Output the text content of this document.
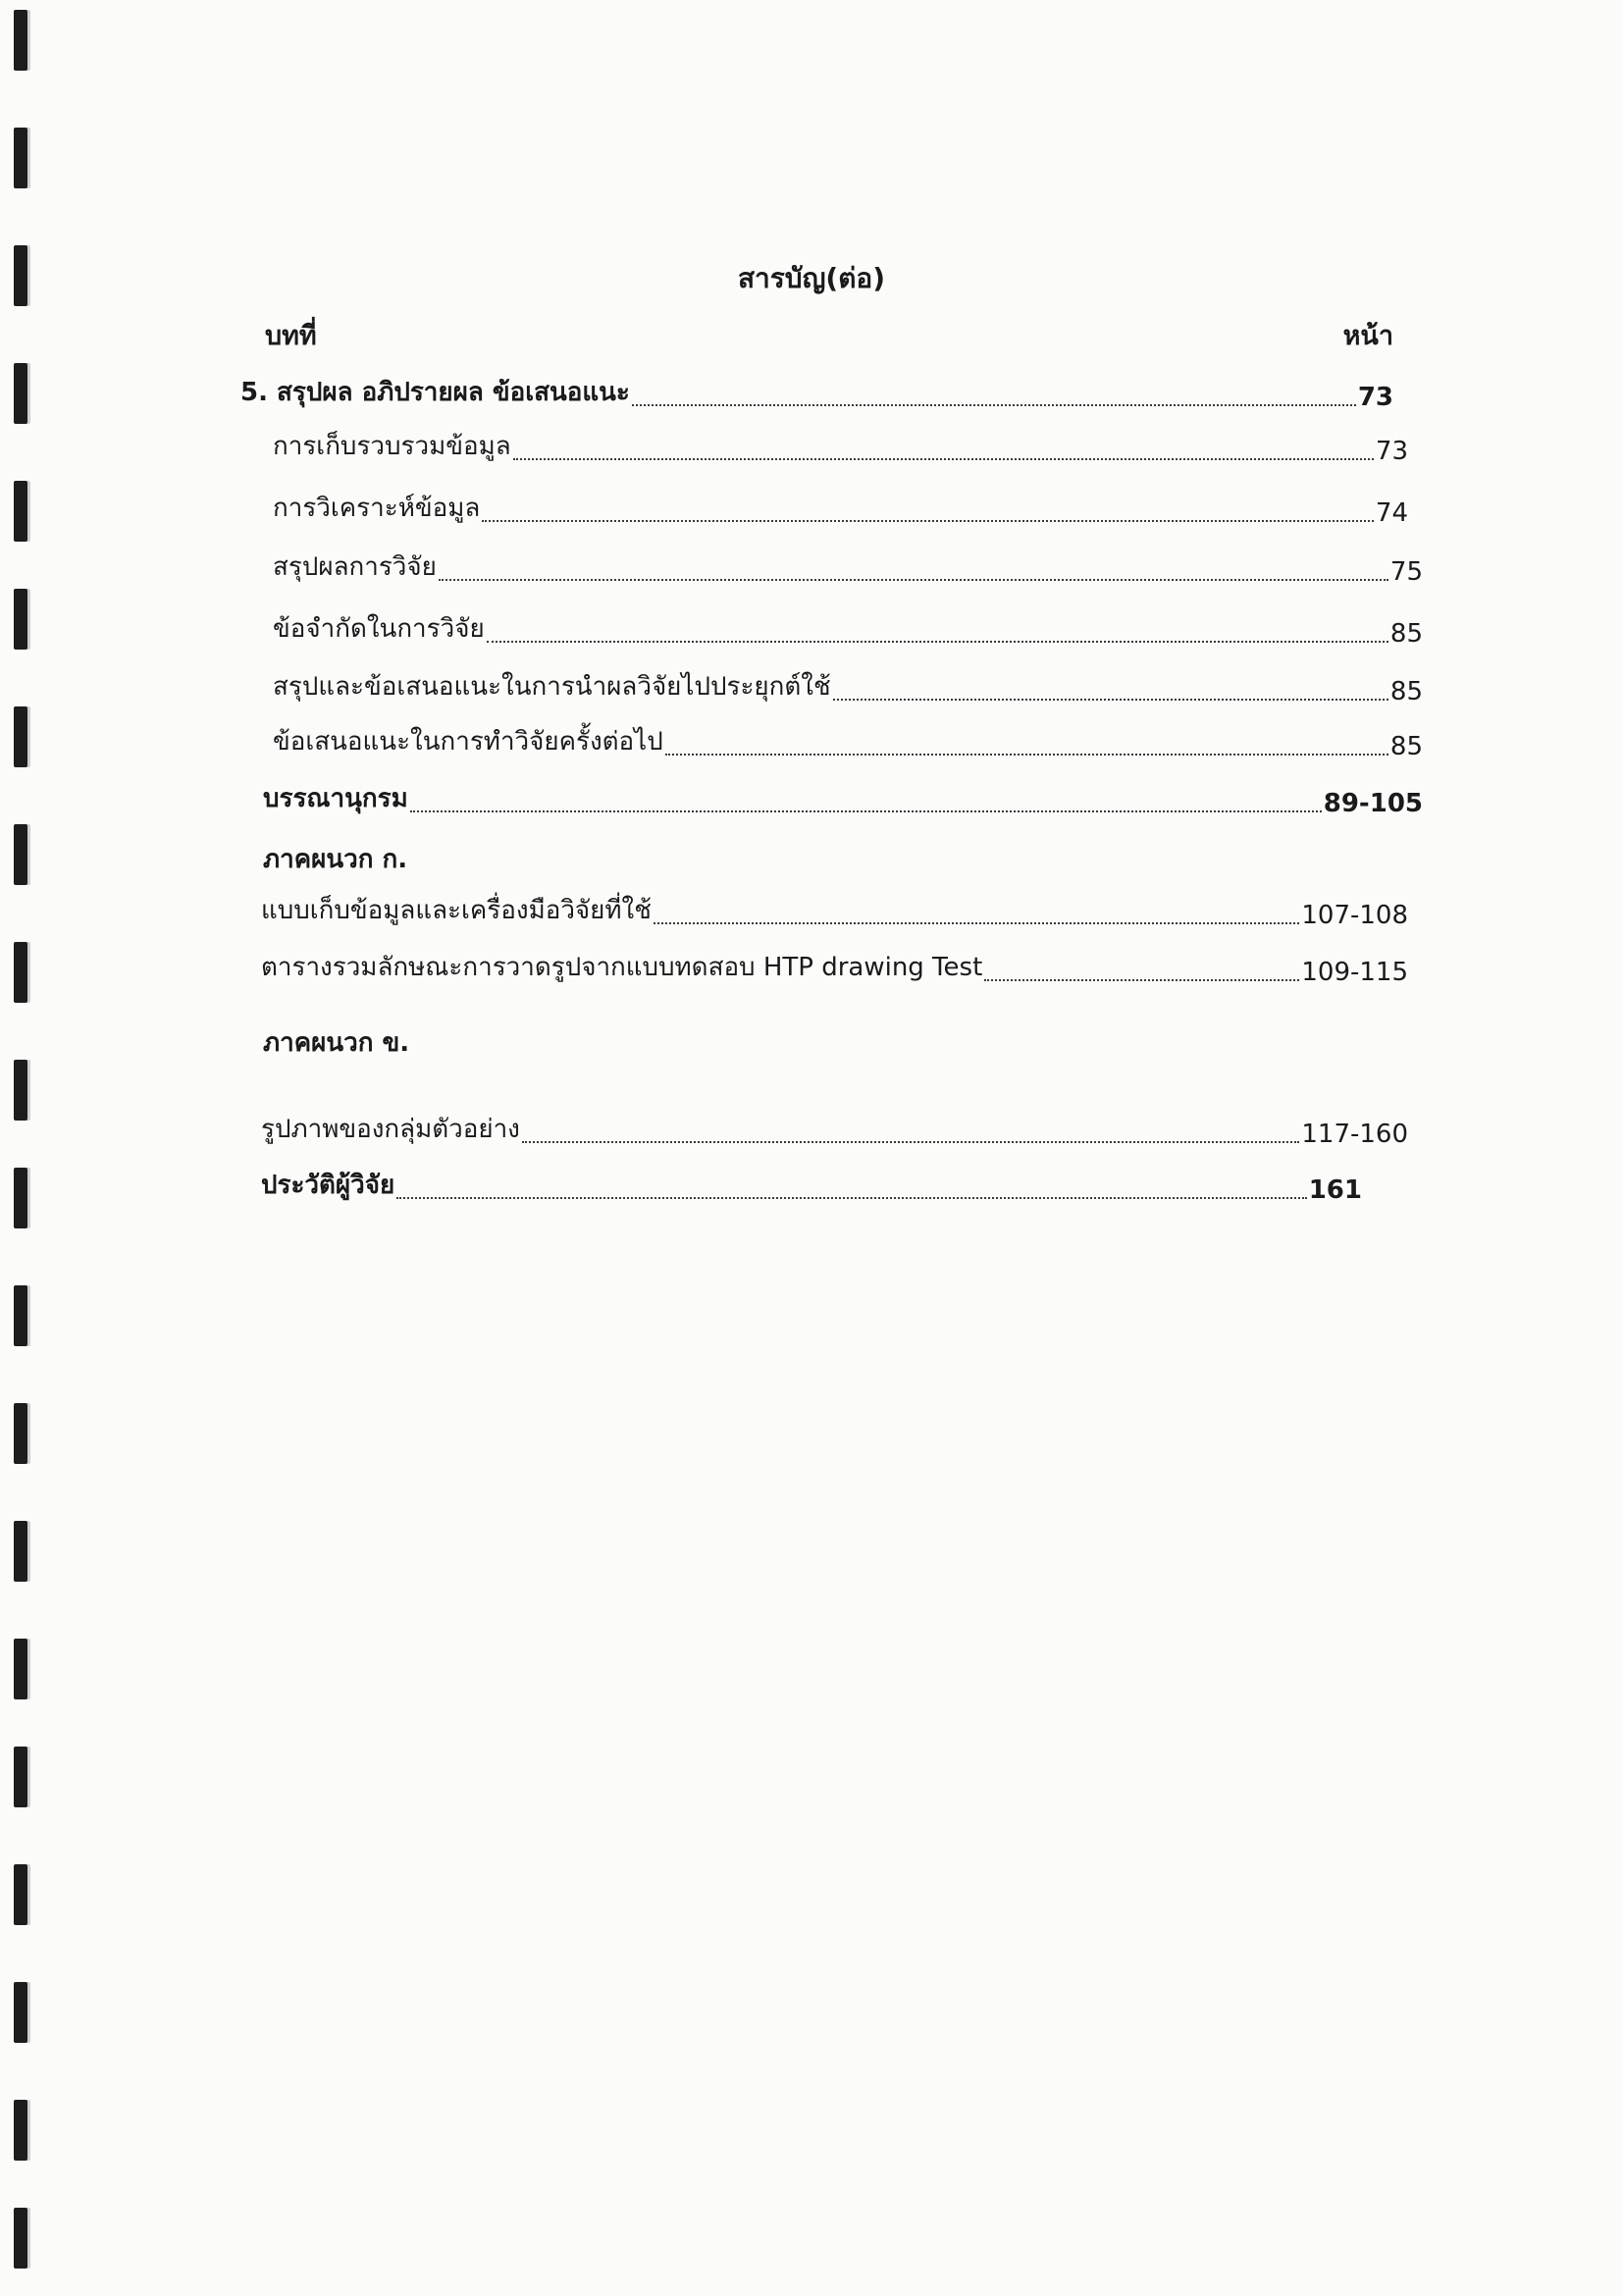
สารบัญ(ต่อ)
บทที่	หน้า
5. สรุปผล อภิปรายผล ข้อเสนอแนะ	73
การเก็บรวบรวมข้อมูล	73
การวิเคราะห์ข้อมูล	74
สรุปผลการวิจัย	75
ข้อจำกัดในการวิจัย	85
สรุปและข้อเสนอแนะในการนำผลวิจัยไปประยุกต์ใช้	85
ข้อเสนอแนะในการทำวิจัยครั้งต่อไป	85
บรรณานุกรม	89-105
ภาคผนวก ก.
แบบเก็บข้อมูลและเครื่องมือวิจัยที่ใช้	107-108
ตารางรวมลักษณะการวาดรูปจากแบบทดสอบ HTP drawing Test	109-115
ภาคผนวก ข.
รูปภาพของกลุ่มตัวอย่าง	117-160
ประวัติผู้วิจัย	161
